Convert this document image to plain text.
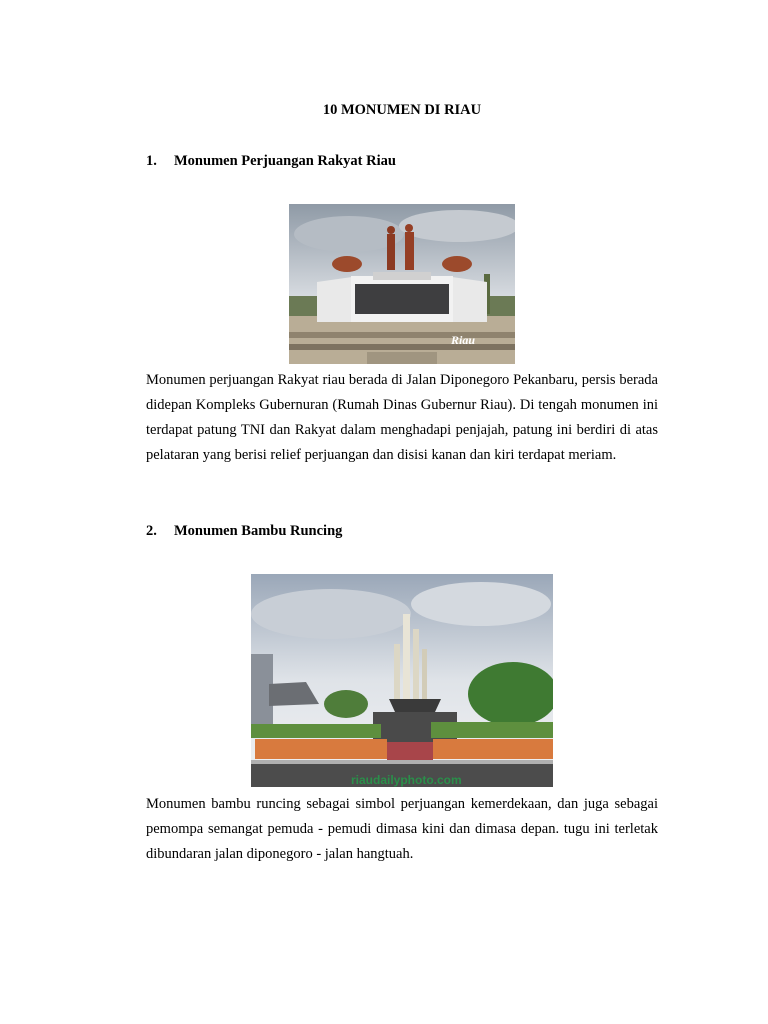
10 MONUMEN DI RIAU
1. Monumen Perjuangan Rakyat Riau
Riau

Monumen perjuangan Rakyat riau berada di Jalan Diponegoro Pekanbaru, persis berada didepan Kompleks Gubernuran (Rumah Dinas Gubernur Riau). Di tengah monumen ini terdapat patung TNI dan Rakyat dalam menghadapi penjajah, patung ini berdiri di atas pelataran yang berisi relief perjuangan dan disisi kanan dan kiri terdapat meriam.

2. Monumen Bambu Runcing
riaudailyphoto.com

Monumen bambu runcing sebagai simbol perjuangan kemerdekaan, dan juga sebagai pemompa semangat pemuda - pemudi dimasa kini dan dimasa depan. tugu ini terletak dibundaran jalan diponegoro - jalan hangtuah.
